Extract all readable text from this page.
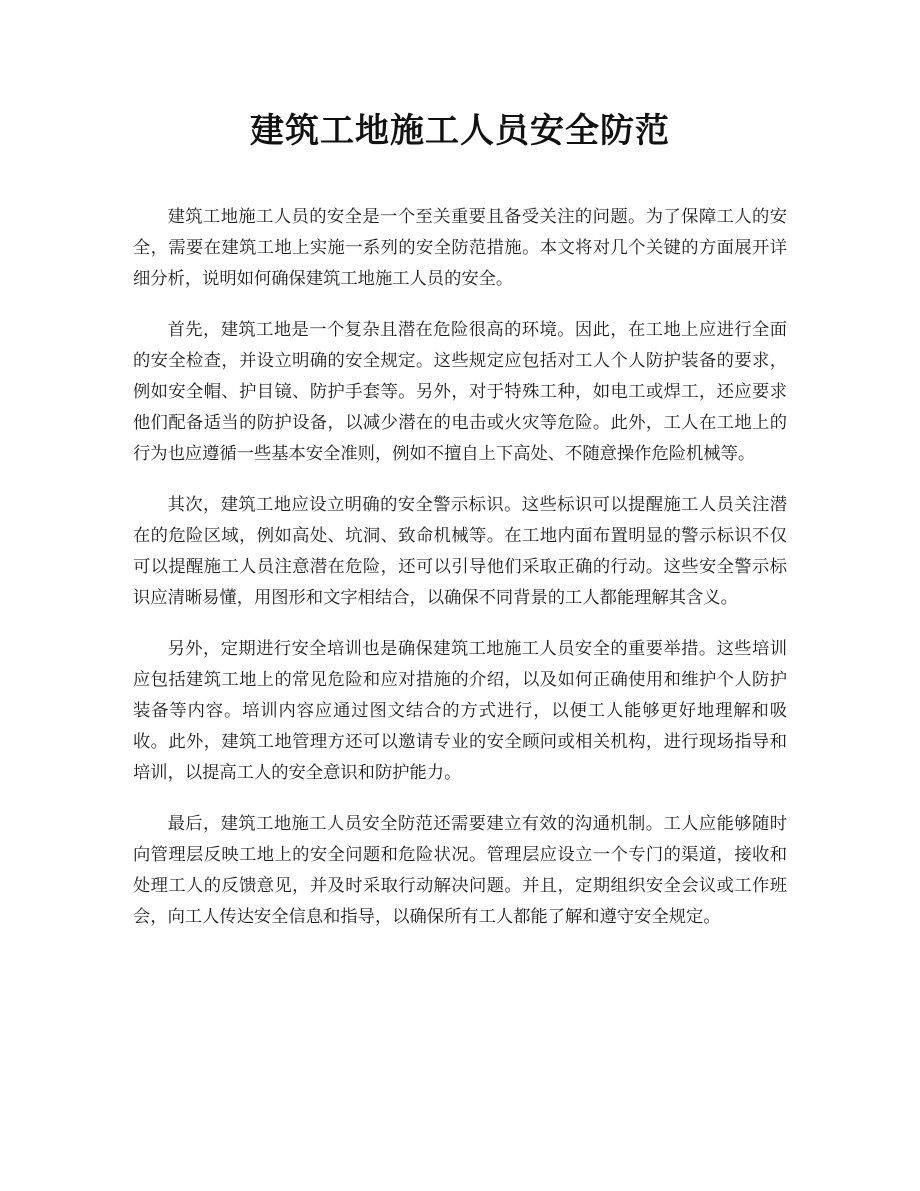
建筑工地施工人员安全防范

建筑工地施工人员的安全是一个至关重要且备受关注的问题。为了保障工人的安全，需要在建筑工地上实施一系列的安全防范措施。本文将对几个关键的方面展开详细分析，说明如何确保建筑工地施工人员的安全。

首先，建筑工地是一个复杂且潜在危险很高的环境。因此，在工地上应进行全面的安全检查，并设立明确的安全规定。这些规定应包括对工人个人防护装备的要求，例如安全帽、护目镜、防护手套等。另外，对于特殊工种，如电工或焊工，还应要求他们配备适当的防护设备，以减少潜在的电击或火灾等危险。此外，工人在工地上的行为也应遵循一些基本安全准则，例如不擅自上下高处、不随意操作危险机械等。

其次，建筑工地应设立明确的安全警示标识。这些标识可以提醒施工人员关注潜在的危险区域，例如高处、坑洞、致命机械等。在工地内面布置明显的警示标识不仅可以提醒施工人员注意潜在危险，还可以引导他们采取正确的行动。这些安全警示标识应清晰易懂，用图形和文字相结合，以确保不同背景的工人都能理解其含义。

另外，定期进行安全培训也是确保建筑工地施工人员安全的重要举措。这些培训应包括建筑工地上的常见危险和应对措施的介绍，以及如何正确使用和维护个人防护装备等内容。培训内容应通过图文结合的方式进行，以便工人能够更好地理解和吸收。此外，建筑工地管理方还可以邀请专业的安全顾问或相关机构，进行现场指导和培训，以提高工人的安全意识和防护能力。

最后，建筑工地施工人员安全防范还需要建立有效的沟通机制。工人应能够随时向管理层反映工地上的安全问题和危险状况。管理层应设立一个专门的渠道，接收和处理工人的反馈意见，并及时采取行动解决问题。并且，定期组织安全会议或工作班会，向工人传达安全信息和指导，以确保所有工人都能了解和遵守安全规定。
